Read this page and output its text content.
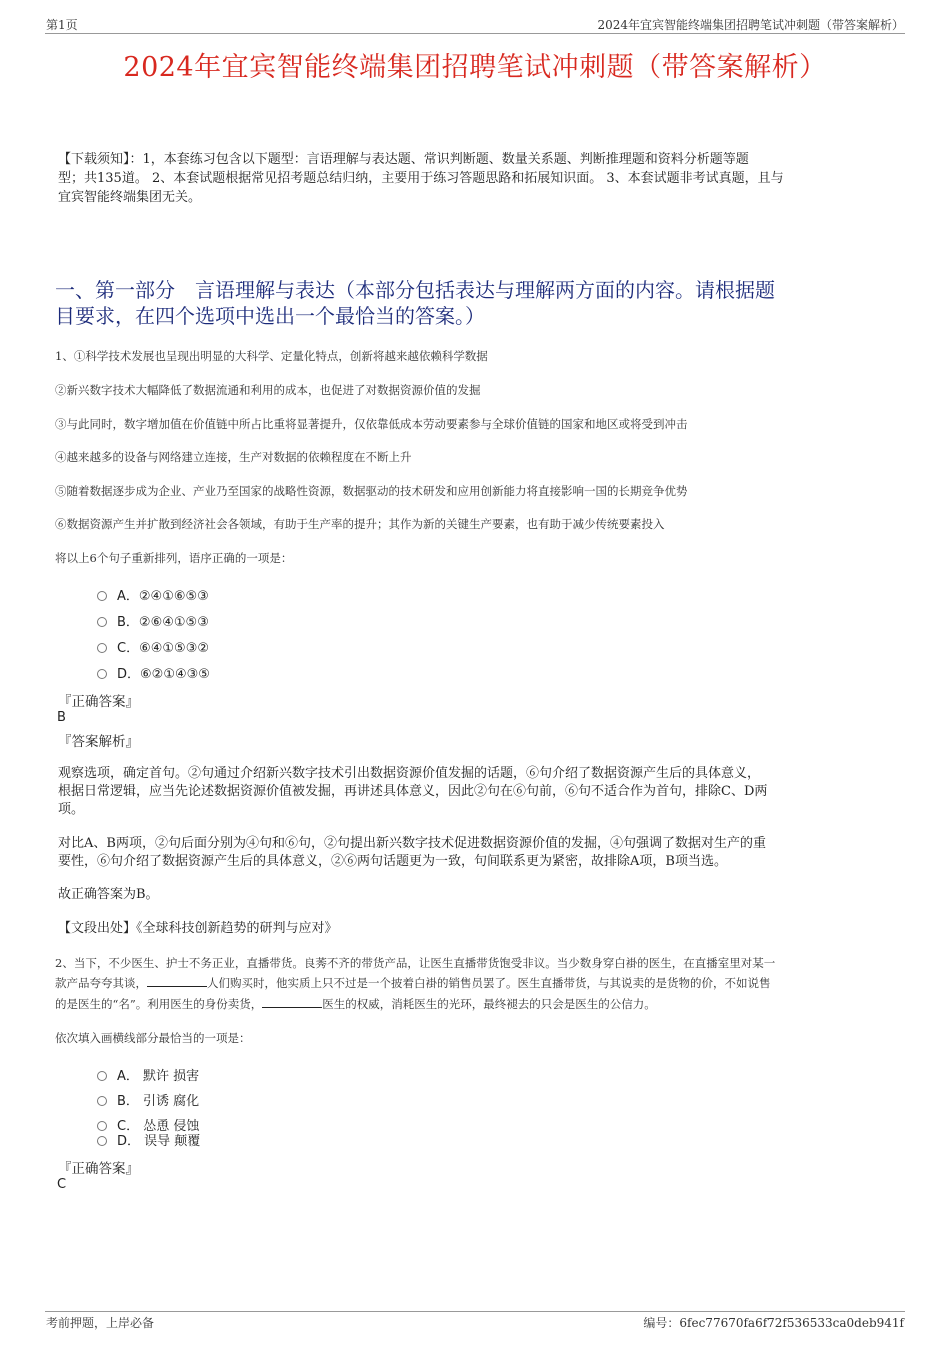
第1页	2024年宜宾智能终端集团招聘笔试冲刺题（带答案解析）
2024年宜宾智能终端集团招聘笔试冲刺题（带答案解析）
【下载须知】：1，本套练习包含以下题型：言语理解与表达题、常识判断题、数量关系题、判断推理题和资料分析题等题
型；共135道。 2、本套试题根据常见招考题总结归纳，主要用于练习答题思路和拓展知识面。 3、本套试题非考试真题，且与
宜宾智能终端集团无关。
一、第一部分　言语理解与表达（本部分包括表达与理解两方面的内容。请根据题
目要求，在四个选项中选出一个最恰当的答案。）
1、①科学技术发展也呈现出明显的大科学、定量化特点，创新将越来越依赖科学数据
②新兴数字技术大幅降低了数据流通和利用的成本，也促进了对数据资源价值的发掘
③与此同时，数字增加值在价值链中所占比重将显著提升，仅依靠低成本劳动要素参与全球价值链的国家和地区或将受到冲击
④越来越多的设备与网络建立连接，生产对数据的依赖程度在不断上升
⑤随着数据逐步成为企业、产业乃至国家的战略性资源，数据驱动的技术研发和应用创新能力将直接影响一国的长期竞争优势
⑥数据资源产生并扩散到经济社会各领域，有助于生产率的提升；其作为新的关键生产要素，也有助于减少传统要素投入
将以上6个句子重新排列，语序正确的一项是：
A．②④①⑥⑤③
B．②⑥④①⑤③
C．⑥④①⑤③②
D．⑥②①④③⑤
『正确答案』
B
『答案解析』
观察选项，确定首句。②句通过介绍新兴数字技术引出数据资源价值发掘的话题，⑥句介绍了数据资源产生后的具体意义，
根据日常逻辑，应当先论述数据资源价值被发掘，再讲述具体意义，因此②句在⑥句前，⑥句不适合作为首句，排除C、D两
项。
对比A、B两项，②句后面分别为④句和⑥句，②句提出新兴数字技术促进数据资源价值的发掘，④句强调了数据对生产的重
要性，⑥句介绍了数据资源产生后的具体意义，②⑥两句话题更为一致，句间联系更为紧密，故排除A项，B项当选。
故正确答案为B。
【文段出处】《全球科技创新趋势的研判与应对》
2、当下，不少医生、护士不务正业，直播带货。良莠不齐的带货产品，让医生直播带货饱受非议。当少数身穿白褂的医生，在直播室里对某一
款产品夸夸其谈，	人们购买时，他实质上只不过是一个披着白褂的销售员罢了。医生直播带货，与其说卖的是货物的价，不如说售
的是医生的“名”。利用医生的身份卖货，	医生的权威，消耗医生的光环，最终褪去的只会是医生的公信力。
依次填入画横线部分最恰当的一项是：
A． 默许 损害
B． 引诱 腐化
C． 怂恿 侵蚀
D． 误导 颠覆
『正确答案』
C
考前押题，上岸必备	编号：6fec77670fa6f72f536533ca0deb941f
